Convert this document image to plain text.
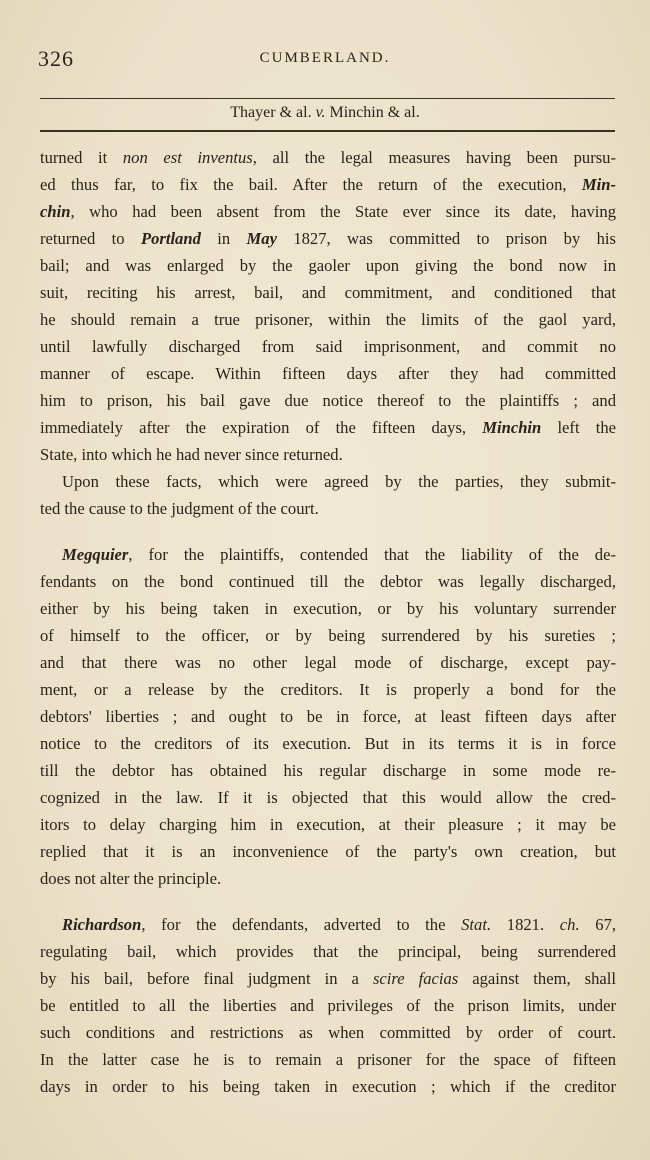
326	CUMBERLAND.
Thayer & al. v. Minchin & al.
turned it non est inventus, all the legal measures having been pursu-
ed thus far, to fix the bail. After the return of the execution, Min-
chin, who had been absent from the State ever since its date, having
returned to Portland in May 1827, was committed to prison by his
bail; and was enlarged by the gaoler upon giving the bond now in
suit, reciting his arrest, bail, and commitment, and conditioned that
he should remain a true prisoner, within the limits of the gaol yard,
until lawfully discharged from said imprisonment, and commit no
manner of escape. Within fifteen days after they had committed
him to prison, his bail gave due notice thereof to the plaintiffs ; and
immediately after the expiration of the fifteen days, Minchin left the
State, into which he had never since returned.
Upon these facts, which were agreed by the parties, they submit-
ted the cause to the judgment of the court.
Megquier, for the plaintiffs, contended that the liability of the de-
fendants on the bond continued till the debtor was legally discharged,
either by his being taken in execution, or by his voluntary surrender
of himself to the officer, or by being surrendered by his sureties ;
and that there was no other legal mode of discharge, except pay-
ment, or a release by the creditors. It is properly a bond for the
debtors' liberties ; and ought to be in force, at least fifteen days after
notice to the creditors of its execution. But in its terms it is in force
till the debtor has obtained his regular discharge in some mode re-
cognized in the law. If it is objected that this would allow the cred-
itors to delay charging him in execution, at their pleasure ; it may be
replied that it is an inconvenience of the party's own creation, but
does not alter the principle.
Richardson, for the defendants, adverted to the Stat. 1821. ch. 67,
regulating bail, which provides that the principal, being surrendered
by his bail, before final judgment in a scire facias against them, shall
be entitled to all the liberties and privileges of the prison limits, under
such conditions and restrictions as when committed by order of court.
In the latter case he is to remain a prisoner for the space of fifteen
days in order to his being taken in execution ; which if the creditor
